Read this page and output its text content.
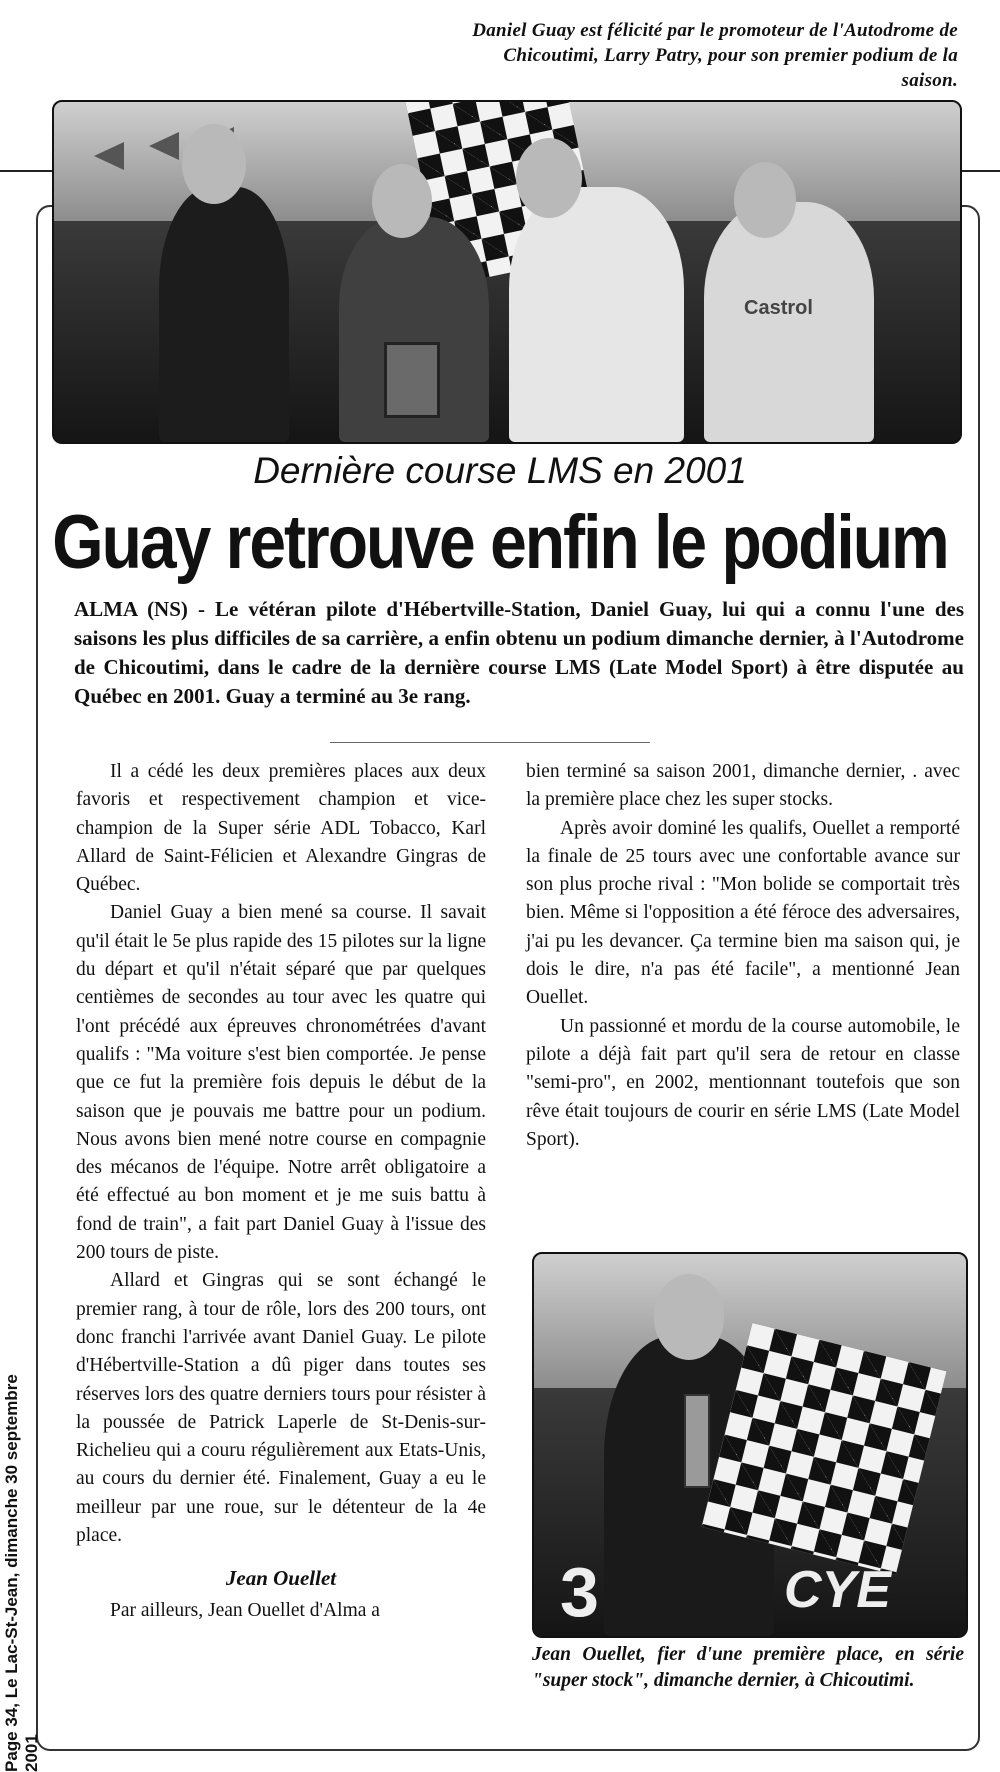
Daniel Guay est félicité par le promoteur de l'Autodrome de Chicoutimi, Larry Patry, pour son premier podium de la saison.
Castrol
Dernière course LMS en 2001
Guay retrouve enfin le podium

ALMA (NS) - Le vétéran pilote d'Hébertville-Station, Daniel Guay, lui qui a connu l'une des saisons les plus difficiles de sa carrière, a enfin obtenu un podium dimanche dernier, à l'Autodrome de Chicoutimi, dans le cadre de la dernière course LMS (Late Model Sport) à être disputée au Québec en 2001. Guay a terminé au 3e rang.

Il a cédé les deux premières places aux deux favoris et respectivement champion et vice-champion de la Super série ADL Tobacco, Karl Allard de Saint-Félicien et Alexandre Gingras de Québec.

Daniel Guay a bien mené sa course. Il savait qu'il était le 5e plus rapide des 15 pilotes sur la ligne du départ et qu'il n'était séparé que par quelques centièmes de secondes au tour avec les quatre qui l'ont précédé aux épreuves chronométrées d'avant qualifs : "Ma voiture s'est bien comportée. Je pense que ce fut la première fois depuis le début de la saison que je pouvais me battre pour un podium. Nous avons bien mené notre course en compagnie des mécanos de l'équipe. Notre arrêt obligatoire a été effectué au bon moment et je me suis battu à fond de train", a fait part Daniel Guay à l'issue des 200 tours de piste.

Allard et Gingras qui se sont échangé le premier rang, à tour de rôle, lors des 200 tours, ont donc franchi l'arrivée avant Daniel Guay. Le pilote d'Hébertville-Station a dû piger dans toutes ses réserves lors des quatre derniers tours pour résister à la poussée de Patrick Laperle de St-Denis-sur-Richelieu qui a couru régulièrement aux Etats-Unis, au cours du dernier été. Finalement, Guay a eu le meilleur par une roue, sur le détenteur de la 4e place.

Jean Ouellet

Par ailleurs, Jean Ouellet d'Alma a

bien terminé sa saison 2001, dimanche dernier, . avec la première place chez les super stocks.

Après avoir dominé les qualifs, Ouellet a remporté la finale de 25 tours avec une confortable avance sur son plus proche rival : "Mon bolide se comportait très bien. Même si l'opposition a été féroce des adversaires, j'ai pu les devancer. Ça termine bien ma saison qui, je dois le dire, n'a pas été facile", a mentionné Jean Ouellet.

Un passionné et mordu de la course automobile, le pilote a déjà fait part qu'il sera de retour en classe "semi-pro", en 2002, mentionnant toutefois que son rêve était toujours de courir en série LMS (Late Model Sport).

3	CYE
Jean Ouellet, fier d'une première place, en série "super stock", dimanche dernier, à Chicoutimi.
Page 34, Le Lac-St-Jean, dimanche 30 septembre 2001
